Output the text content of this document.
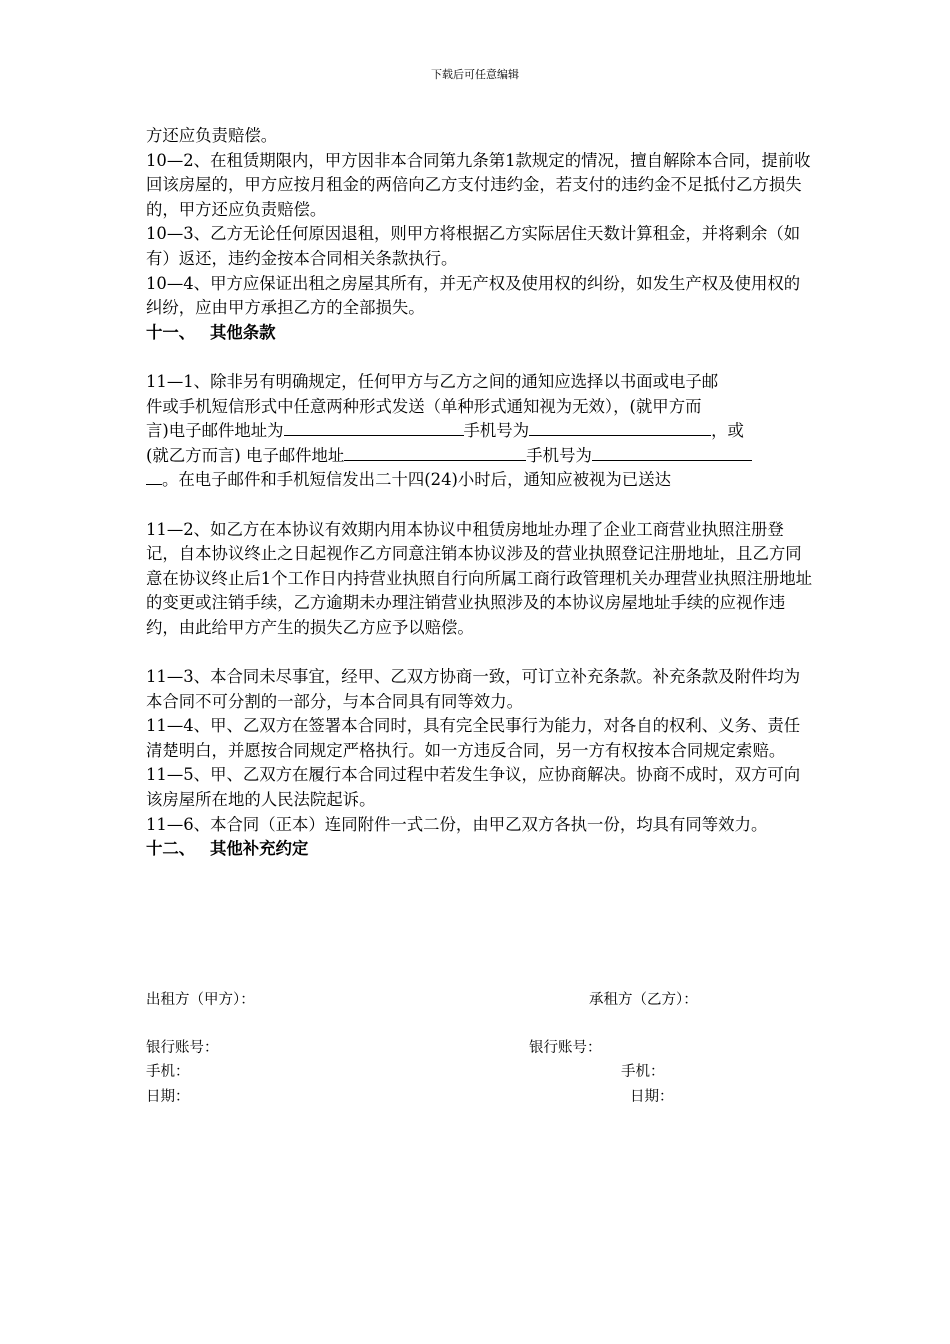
下载后可任意编辑

方还应负责赔偿。

10—2、在租赁期限内，甲方因非本合同第九条第1款规定的情况，擅自解除本合同，提前收回该房屋的，甲方应按月租金的两倍向乙方支付违约金，若支付的违约金不足抵付乙方损失的，甲方还应负责赔偿。

10—3、乙方无论任何原因退租，则甲方将根据乙方实际居住天数计算租金，并将剩余（如有）返还，违约金按本合同相关条款执行。

10—4、甲方应保证出租之房屋其所有，并无产权及使用权的纠纷，如发生产权及使用权的纠纷，应由甲方承担乙方的全部损失。

十一、 其他条款

11—1、除非另有明确规定，任何甲方与乙方之间的通知应选择以书面或电子邮

件或手机短信形式中任意两种形式发送（单种形式通知视为无效），(就甲方而

言)电子邮件地址为	手机号为	，或

(就乙方而言) 电子邮件地址	手机号为

。在电子邮件和手机短信发出二十四(24)小时后，通知应被视为已送达

11—2、如乙方在本协议有效期内用本协议中租赁房地址办理了企业工商营业执照注册登记，自本协议终止之日起视作乙方同意注销本协议涉及的营业执照登记注册地址，且乙方同意在协议终止后1个工作日内持营业执照自行向所属工商行政管理机关办理营业执照注册地址的变更或注销手续，乙方逾期未办理注销营业执照涉及的本协议房屋地址手续的应视作违约，由此给甲方产生的损失乙方应予以赔偿。

11—3、本合同未尽事宜，经甲、乙双方协商一致，可订立补充条款。补充条款及附件均为本合同不可分割的一部分，与本合同具有同等效力。

11—4、甲、乙双方在签署本合同时，具有完全民事行为能力，对各自的权利、义务、责任清楚明白，并愿按合同规定严格执行。如一方违反合同，另一方有权按本合同规定索赔。

11—5、甲、乙双方在履行本合同过程中若发生争议，应协商解决。协商不成时，双方可向该房屋所在地的人民法院起诉。

11—6、本合同（正本）连同附件一式二份，由甲乙双方各执一份，均具有同等效力。

十二、 其他补充约定

出租方（甲方）：	承租方（乙方）：
银行账号：	银行账号：
手机：	手机：
日期：	日期：
